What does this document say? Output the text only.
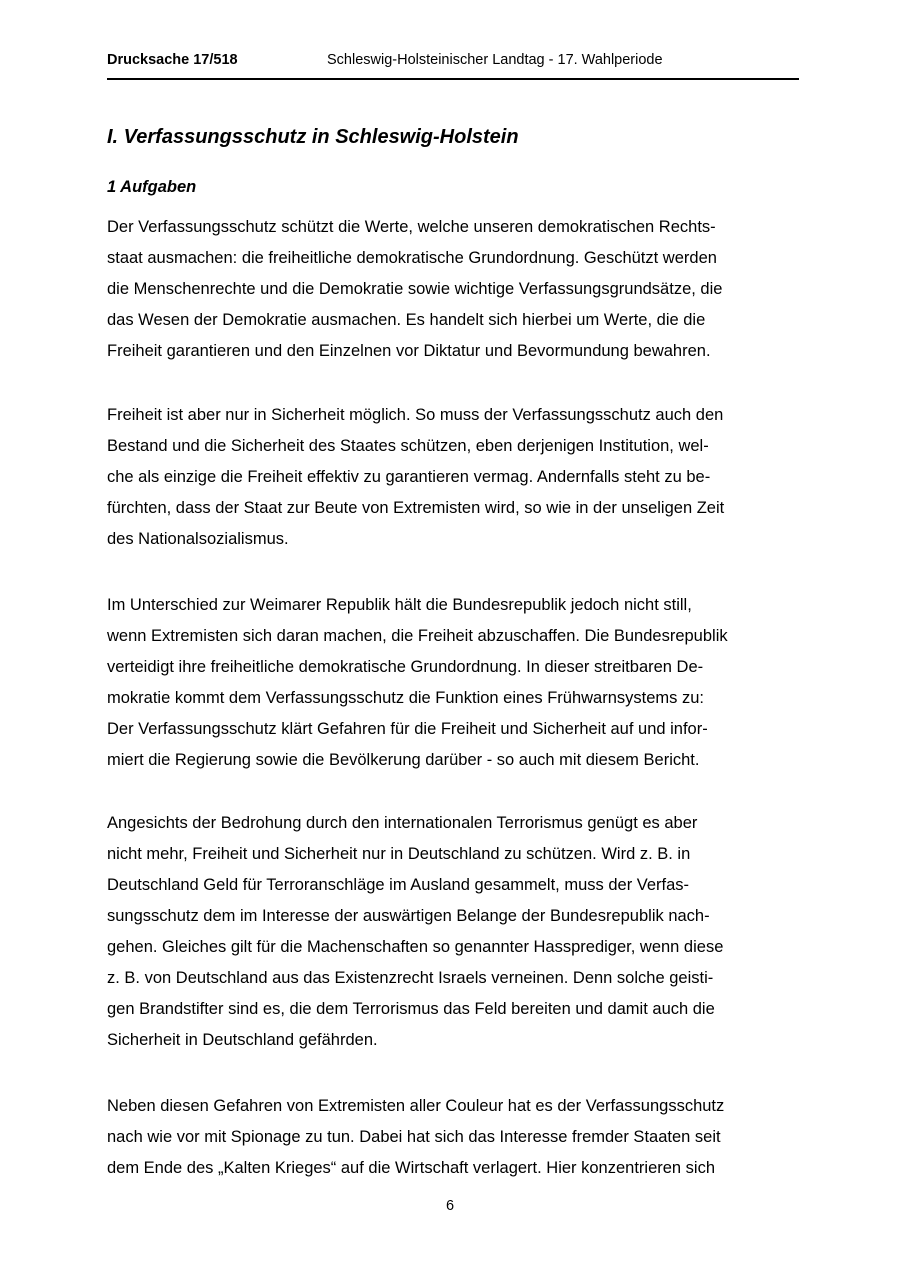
Drucksache 17/518	Schleswig-Holsteinischer Landtag - 17. Wahlperiode
I. Verfassungsschutz in Schleswig-Holstein
1 Aufgaben

Der Verfassungsschutz schützt die Werte, welche unseren demokratischen Rechts-
staat ausmachen: die freiheitliche demokratische Grundordnung. Geschützt werden
die Menschenrechte und die Demokratie sowie wichtige Verfassungsgrundsätze, die
das Wesen der Demokratie ausmachen. Es handelt sich hierbei um Werte, die die
Freiheit garantieren und den Einzelnen vor Diktatur und Bevormundung bewahren.

Freiheit ist aber nur in Sicherheit möglich. So muss der Verfassungsschutz auch den
Bestand und die Sicherheit des Staates schützen, eben derjenigen Institution, wel-
che als einzige die Freiheit effektiv zu garantieren vermag. Andernfalls steht zu be-
fürchten, dass der Staat zur Beute von Extremisten wird, so wie in der unseligen Zeit
des Nationalsozialismus.

Im Unterschied zur Weimarer Republik hält die Bundesrepublik jedoch nicht still,
wenn Extremisten sich daran machen, die Freiheit abzuschaffen. Die Bundesrepublik
verteidigt ihre freiheitliche demokratische Grundordnung. In dieser streitbaren De-
mokratie kommt dem Verfassungsschutz die Funktion eines Frühwarnsystems zu:
Der Verfassungsschutz klärt Gefahren für die Freiheit und Sicherheit auf und infor-
miert die Regierung sowie die Bevölkerung darüber - so auch mit diesem Bericht.

Angesichts der Bedrohung durch den internationalen Terrorismus genügt es aber
nicht mehr, Freiheit und Sicherheit nur in Deutschland zu schützen. Wird z. B. in
Deutschland Geld für Terroranschläge im Ausland gesammelt, muss der Verfas-
sungsschutz dem im Interesse der auswärtigen Belange der Bundesrepublik nach-
gehen. Gleiches gilt für die Machenschaften so genannter Hassprediger, wenn diese
z. B. von Deutschland aus das Existenzrecht Israels verneinen. Denn solche geisti-
gen Brandstifter sind es, die dem Terrorismus das Feld bereiten und damit auch die
Sicherheit in Deutschland gefährden.

Neben diesen Gefahren von Extremisten aller Couleur hat es der Verfassungsschutz
nach wie vor mit Spionage zu tun. Dabei hat sich das Interesse fremder Staaten seit
dem Ende des „Kalten Krieges“ auf die Wirtschaft verlagert. Hier konzentrieren sich

6
